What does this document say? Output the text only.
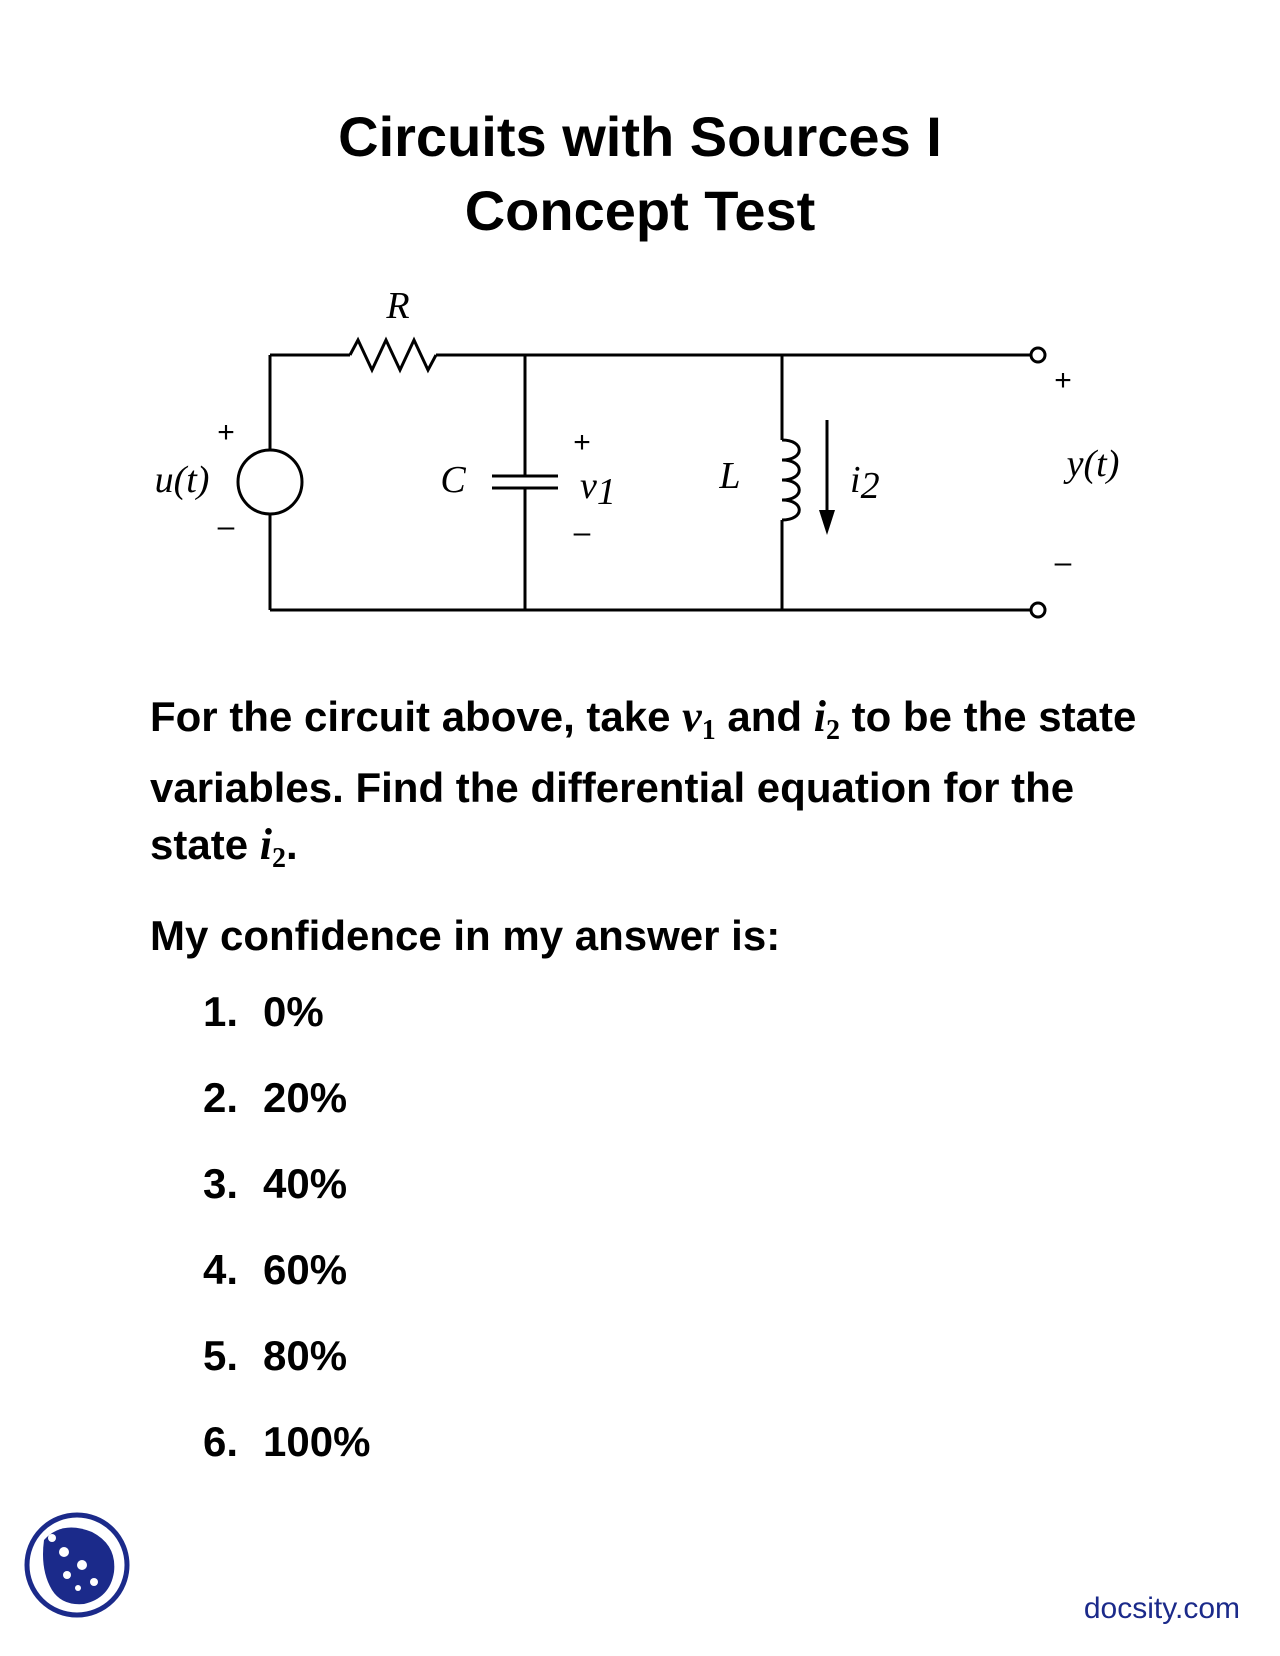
Circuits with Sources I
Concept Test
R
+
u(t)
–
C
+
v1
–
L	i2
+
y(t)
–
For the circuit above, take $v_1$ and $i_2$ to be the state variables. Find the differential equation for the state $i_2$.
My confidence in my answer is:
1. 0%
2. 20%
3. 40%
4. 60%
5. 80%
6. 100%
docsity.com
